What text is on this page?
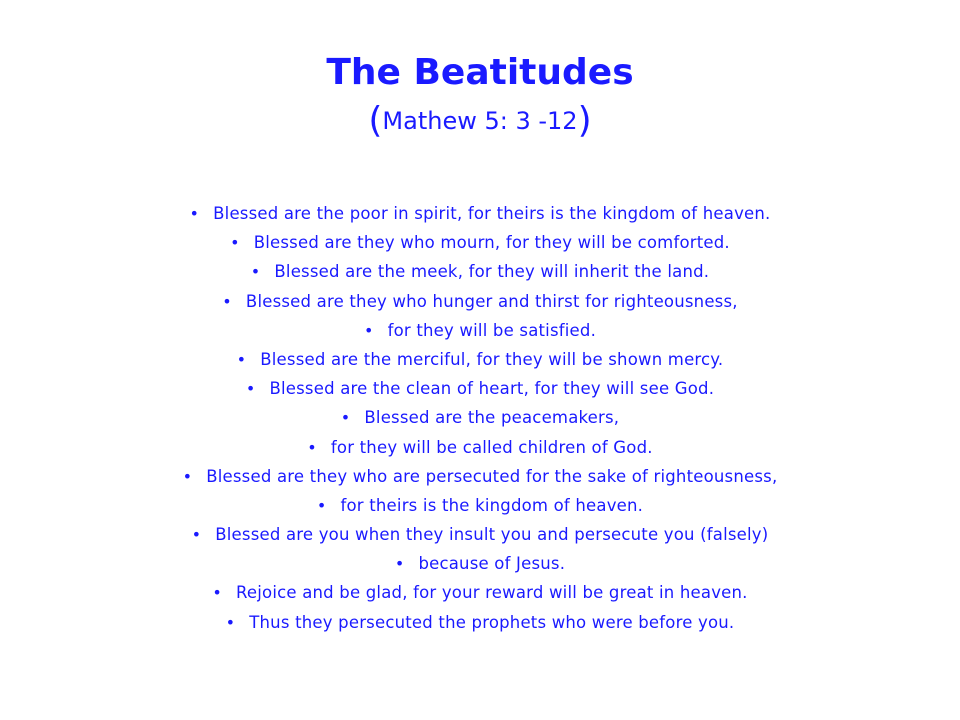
The Beatitudes
(Mathew 5: 3 -12)
• Blessed are the poor in spirit, for theirs is the kingdom of heaven.
• Blessed are they who mourn, for they will be comforted.
• Blessed are the meek, for they will inherit the land.
• Blessed are they who hunger and thirst for righteousness,
• for they will be satisfied.
• Blessed are the merciful, for they will be shown mercy.
• Blessed are the clean of heart, for they will see God.
• Blessed are the peacemakers,
• for they will be called children of God.
• Blessed are they who are persecuted for the sake of righteousness,
• for theirs is the kingdom of heaven.
• Blessed are you when they insult you and persecute you (falsely)
• because of Jesus.
• Rejoice and be glad, for your reward will be great in heaven.
• Thus they persecuted the prophets who were before you.
